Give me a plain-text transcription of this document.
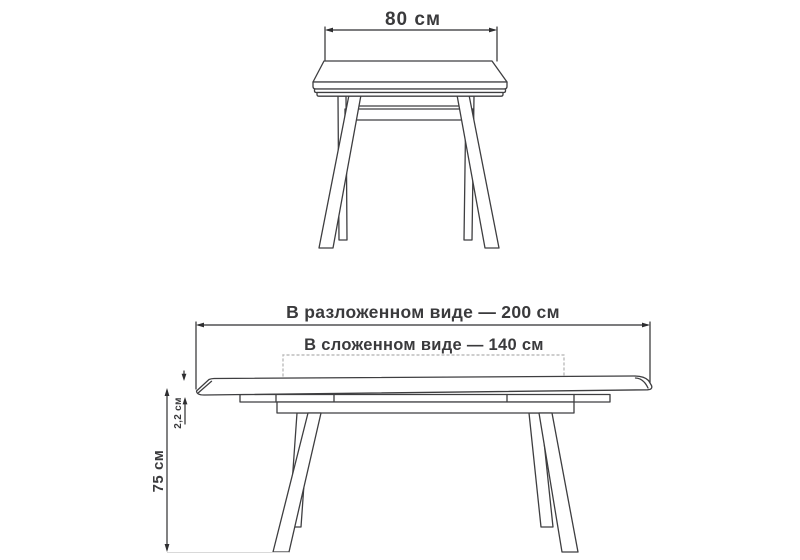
80 см
В разложенном виде — 200 см
В сложенном виде — 140 см
75 см
2,2 см
